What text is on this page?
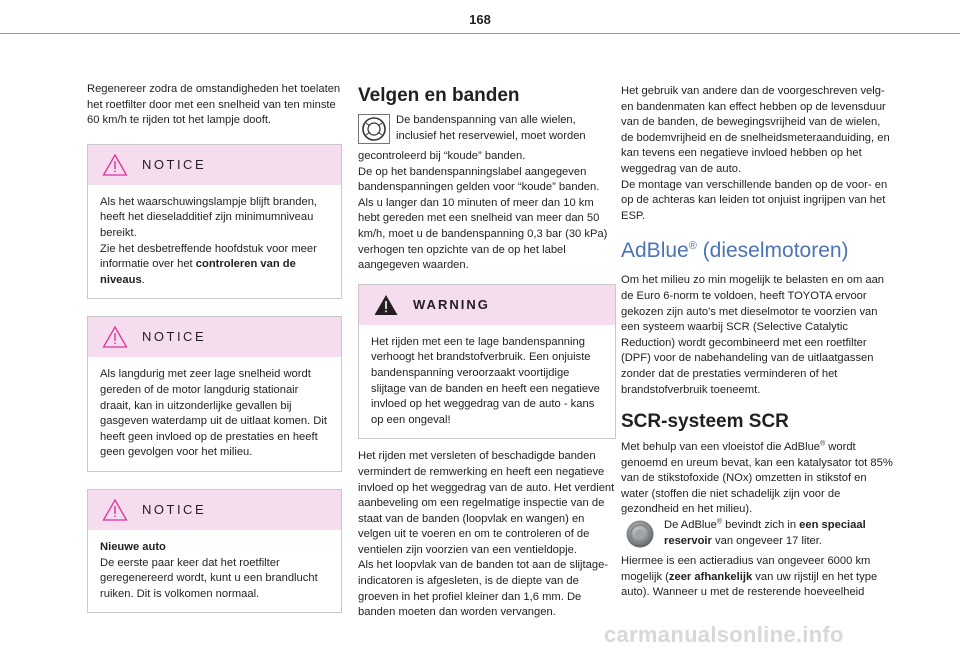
168

Regenereer zodra de omstandigheden het toelaten het roetfilter door met een snelheid van ten minste 60 km/h te rijden tot het lampje dooft.

NOTICE

Als het waarschuwingslampje blijft branden, heeft het dieseladditief zijn minimumniveau bereikt.

Zie het desbetreffende hoofdstuk voor meer informatie over het controleren van de niveaus.

NOTICE

Als langdurig met zeer lage snelheid wordt gereden of de motor langdurig stationair draait, kan in uitzonderlijke gevallen bij gasgeven waterdamp uit de uitlaat komen. Dit heeft geen invloed op de prestaties en heeft geen gevolgen voor het milieu.

NOTICE

Nieuwe auto

De eerste paar keer dat het roetfilter geregenereerd wordt, kunt u een brandlucht ruiken. Dit is volkomen normaal.

Velgen en banden

De bandenspanning van alle wielen, inclusief het reservewiel, moet worden

gecontroleerd bij “koude” banden.

De op het bandenspanningslabel aangegeven bandenspanningen gelden voor “koude” banden.

Als u langer dan 10 minuten of meer dan 10 km hebt gereden met een snelheid van meer dan 50 km/h, moet u de bandenspanning 0,3 bar (30 kPa) verhogen ten opzichte van de op het label aangegeven waarden.

WARNING

Het rijden met een te lage bandenspanning verhoogt het brandstofverbruik. Een onjuiste bandenspanning veroorzaakt voortijdige slijtage van de banden en heeft een negatieve invloed op het weggedrag van de auto - kans op een ongeval!

Het rijden met versleten of beschadigde banden vermindert de remwerking en heeft een negatieve invloed op het weggedrag van de auto. Het verdient aanbeveling om een regelmatige inspectie van de staat van de banden (loopvlak en wangen) en velgen uit te voeren en om te controleren of de ventielen zijn voorzien van een ventieldopje.

Als het loopvlak van de banden tot aan de slijtage-indicatoren is afgesleten, is de diepte van de groeven in het profiel kleiner dan 1,6 mm. De banden moeten dan worden vervangen.

Het gebruik van andere dan de voorgeschreven velg- en bandenmaten kan effect hebben op de levensduur van de banden, de bewegingsvrijheid van de wielen, de bodemvrijheid en de snelheidsmeteraanduiding, en kan tevens een negatieve invloed hebben op het weggedrag van de auto.

De montage van verschillende banden op de voor- en op de achteras kan leiden tot onjuist ingrijpen van het ESP.

AdBlue® (dieselmotoren)

Om het milieu zo min mogelijk te belasten en om aan de Euro 6-norm te voldoen, heeft TOYOTA ervoor gekozen zijn auto's met dieselmotor te voorzien van een systeem waarbij SCR (Selective Catalytic Reduction) wordt gecombineerd met een roetfilter (DPF) voor de nabehandeling van de uitlaatgassen zonder dat de prestaties verminderen of het brandstofverbruik toeneemt.

SCR-systeem SCR

Met behulp van een vloeistof die AdBlue® wordt genoemd en ureum bevat, kan een katalysator tot 85% van de stikstofoxide (NOx) omzetten in stikstof en water (stoffen die niet schadelijk zijn voor de gezondheid en het milieu).

De AdBlue® bevindt zich in een speciaal reservoir van ongeveer 17 liter.

Hiermee is een actieradius van ongeveer 6000 km mogelijk (zeer afhankelijk van uw rijstijl en het type auto). Wanneer u met de resterende hoeveelheid

carmanualsonline.info
